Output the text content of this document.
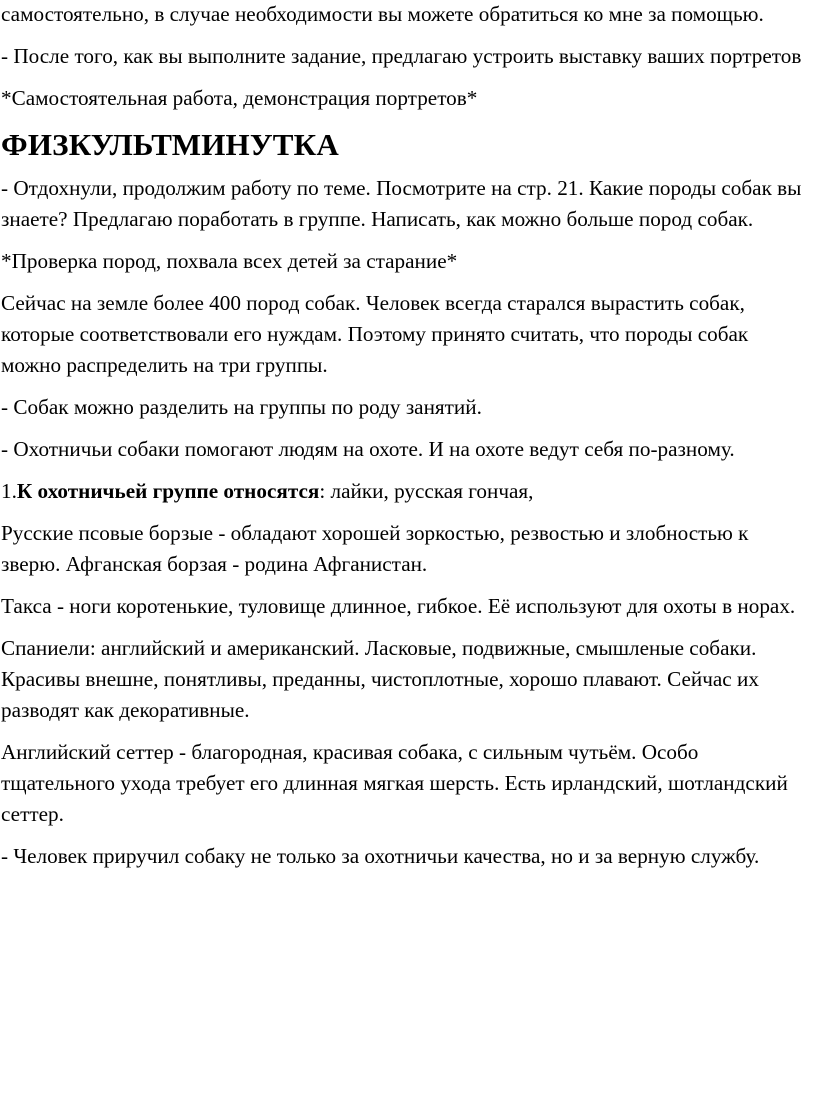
самостоятельно, в случае необходимости вы можете обратиться ко мне за помощью.

- После того, как вы выполните задание, предлагаю устроить выставку ваших портретов

*Самостоятельная работа, демонстрация портретов*

ФИЗКУЛЬТМИНУТКА

- Отдохнули, продолжим работу по теме. Посмотрите на стр. 21. Какие породы собак вы знаете? Предлагаю поработать в группе. Написать, как можно больше пород собак.

*Проверка пород, похвала всех детей за старание*

Сейчас на земле более 400 пород собак. Человек всегда старался вырастить собак, которые соответствовали его нуждам. Поэтому принято считать, что породы собак можно распределить на три группы.

- Собак можно разделить на группы по роду занятий.

- Охотничьи собаки помогают людям на охоте. И на охоте ведут себя по-разному.

1.К охотничьей группе относятся: лайки, русская гончая,

Русские псовые борзые - обладают хорошей зоркостью, резвостью и злобностью к зверю. Афганская борзая - родина Афганистан.

Такса - ноги коротенькие, туловище длинное, гибкое. Её используют для охоты в норах.

Спаниели: английский и американский. Ласковые, подвижные, смышленые собаки. Красивы внешне, понятливы, преданны, чистоплотные, хорошо плавают. Сейчас их разводят как декоративные.

Английский сеттер - благородная, красивая собака, с сильным чутьём. Особо тщательного ухода требует его длинная мягкая шерсть. Есть ирландский, шотландский сеттер.

- Человек приручил собаку не только за охотничьи качества, но и за верную службу.
